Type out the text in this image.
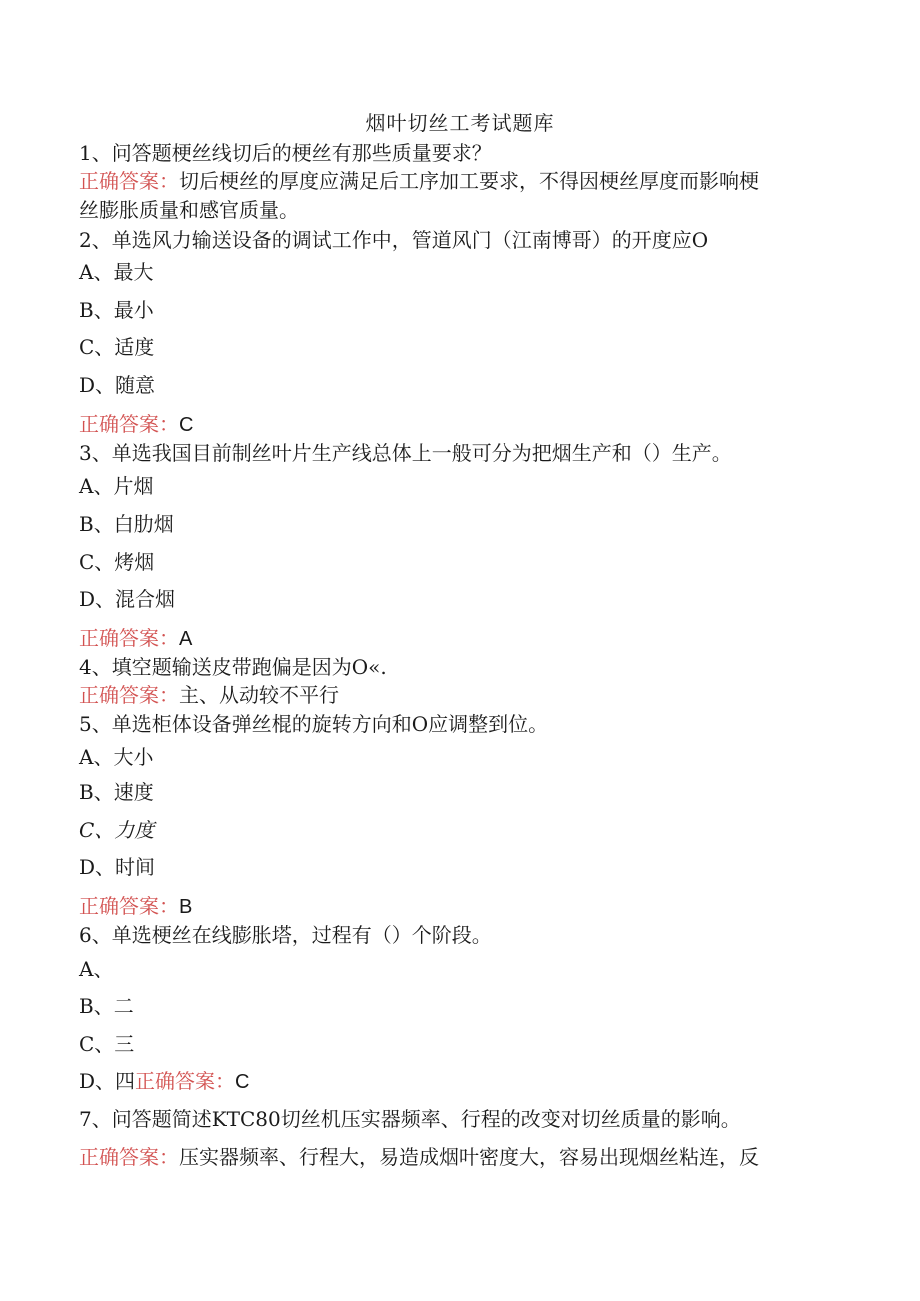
烟叶切丝工考试题库
1、问答题梗丝线切后的梗丝有那些质量要求？
正确答案：切后梗丝的厚度应满足后工序加工要求，不得因梗丝厚度而影响梗
丝膨胀质量和感官质量。
2、单选风力输送设备的调试工作中，管道风门（江南博哥）的开度应O
A、最大
B、最小
C、适度
D、随意
正确答案：C
3、单选我国目前制丝叶片生产线总体上一般可分为把烟生产和（）生产。
A、片烟
B、白肋烟
C、烤烟
D、混合烟
正确答案：A
4、填空题输送皮带跑偏是因为O«.
正确答案：主、从动较不平行
5、单选柜体设备弹丝棍的旋转方向和O应调整到位。
A、大小
B、速度
C、力度
D、时间
正确答案：B
6、单选梗丝在线膨胀塔，过程有（）个阶段。
A、
B、二
C、三
D、四正确答案：C
7、问答题简述KTC80切丝机压实器频率、行程的改变对切丝质量的影响。
正确答案：压实器频率、行程大，易造成烟叶密度大，容易出现烟丝粘连，反
